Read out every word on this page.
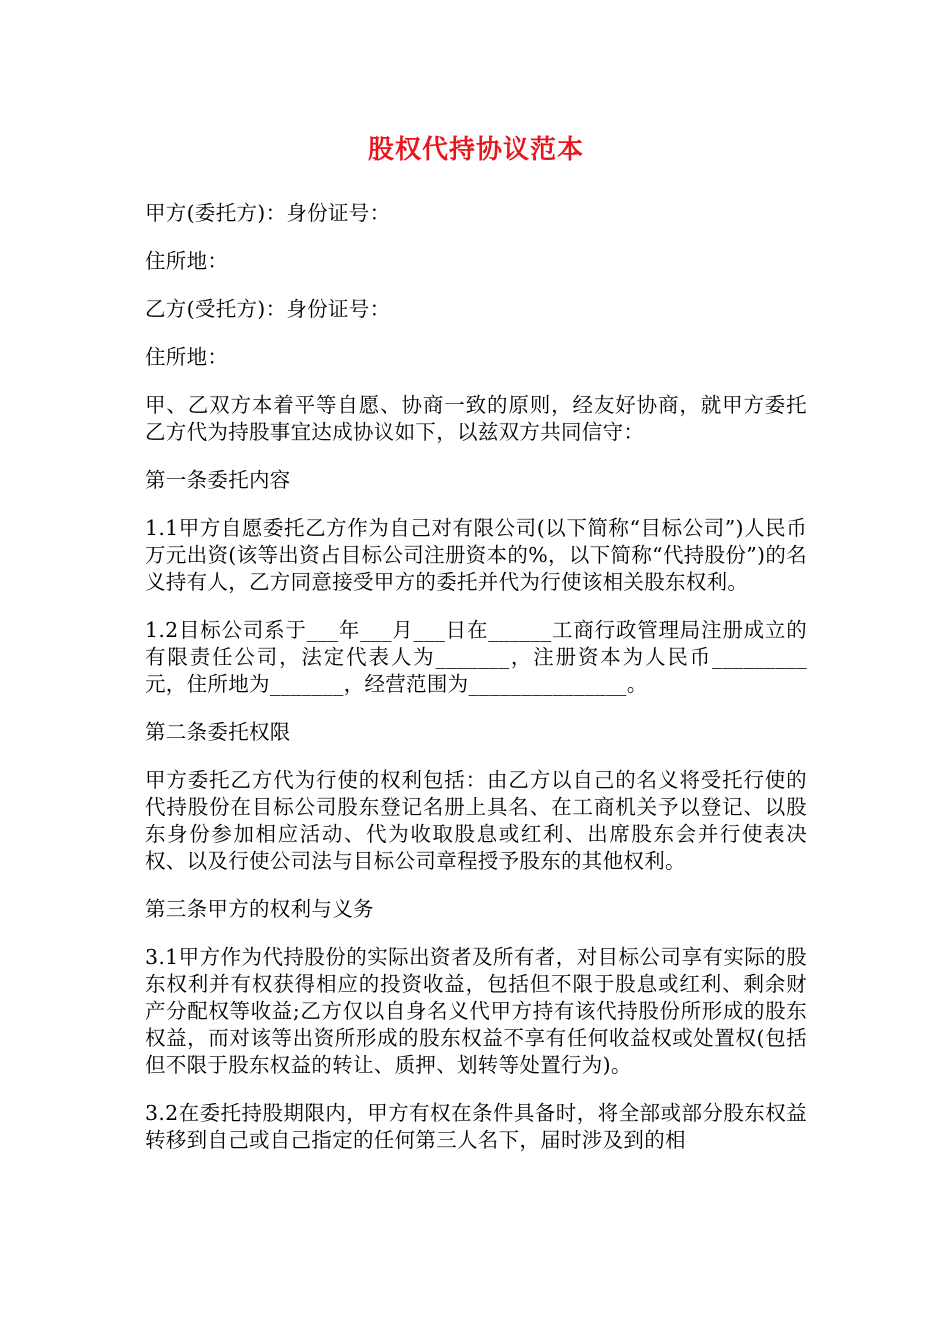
股权代持协议范本

甲方(委托方)：身份证号：

住所地：

乙方(受托方)：身份证号：

住所地：

甲、乙双方本着平等自愿、协商一致的原则，经友好协商，就甲方委托乙方代为持股事宜达成协议如下，以兹双方共同信守：

第一条委托内容

1.1甲方自愿委托乙方作为自己对有限公司(以下简称“目标公司”)人民币万元出资(该等出资占目标公司注册资本的%，以下简称“代持股份”)的名义持有人，乙方同意接受甲方的委托并代为行使该相关股东权利。

1.2目标公司系于___年___月___日在______工商行政管理局注册成立的有限责任公司，法定代表人为_______，注册资本为人民币_________元，住所地为_______，经营范围为_______________。

第二条委托权限

甲方委托乙方代为行使的权利包括：由乙方以自己的名义将受托行使的代持股份在目标公司股东登记名册上具名、在工商机关予以登记、以股东身份参加相应活动、代为收取股息或红利、出席股东会并行使表决权、以及行使公司法与目标公司章程授予股东的其他权利。

第三条甲方的权利与义务

3.1甲方作为代持股份的实际出资者及所有者，对目标公司享有实际的股东权利并有权获得相应的投资收益，包括但不限于股息或红利、剩余财产分配权等收益;乙方仅以自身名义代甲方持有该代持股份所形成的股东权益，而对该等出资所形成的股东权益不享有任何收益权或处置权(包括但不限于股东权益的转让、质押、划转等处置行为)。

3.2在委托持股期限内，甲方有权在条件具备时，将全部或部分股东权益转移到自己或自己指定的任何第三人名下，届时涉及到的相
